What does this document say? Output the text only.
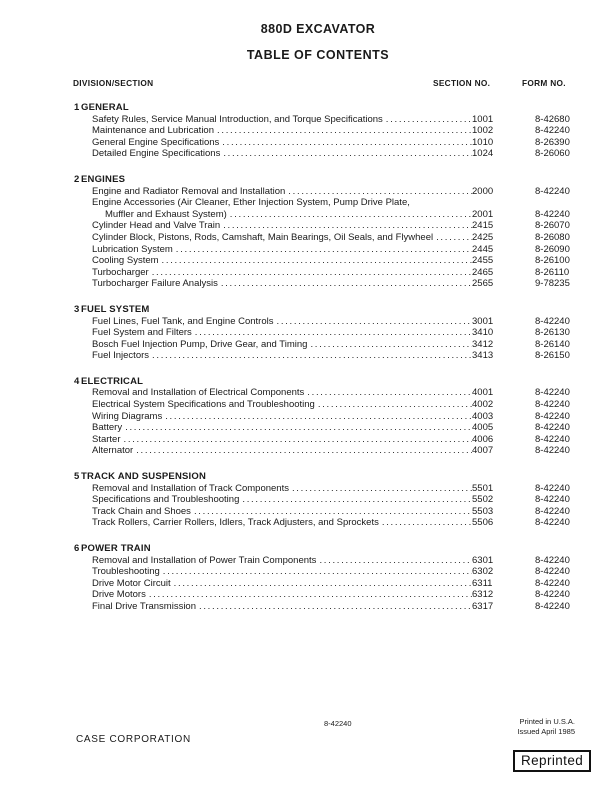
880D EXCAVATOR
TABLE OF CONTENTS
DIVISION/SECTION	SECTION NO.	FORM NO.
1 GENERAL
Safety Rules, Service Manual Introduction, and Torque Specifications .....	1001	8-42680
Maintenance and Lubrication .....	1002	8-42240
General Engine Specifications .....	1010	8-26390
Detailed Engine Specifications .....	1024	8-26060
2 ENGINES
Engine and Radiator Removal and Installation .....	2000	8-42240
Engine Accessories (Air Cleaner, Ether Injection System, Pump Drive Plate,
Muffler and Exhaust System) .....	2001	8-42240
Cylinder Head and Valve Train .....	2415	8-26070
Cylinder Block, Pistons, Rods, Camshaft, Main Bearings, Oil Seals, and Flywheel .....	2425	8-26080
Lubrication System .....	2445	8-26090
Cooling System .....	2455	8-26100
Turbocharger .....	2465	8-26110
Turbocharger Failure Analysis .....	2565	9-78235
3 FUEL SYSTEM
Fuel Lines, Fuel Tank, and Engine Controls .....	3001	8-42240
Fuel System and Filters .....	3410	8-26130
Bosch Fuel Injection Pump, Drive Gear, and Timing .....	3412	8-26140
Fuel Injectors .....	3413	8-26150
4 ELECTRICAL
Removal and Installation of Electrical Components .....	4001	8-42240
Electrical System Specifications and Troubleshooting .....	4002	8-42240
Wiring Diagrams .....	4003	8-42240
Battery .....	4005	8-42240
Starter .....	4006	8-42240
Alternator .....	4007	8-42240
5 TRACK AND SUSPENSION
Removal and Installation of Track Components .....	5501	8-42240
Specifications and Troubleshooting .....	5502	8-42240
Track Chain and Shoes .....	5503	8-42240
Track Rollers, Carrier Rollers, Idlers, Track Adjusters, and Sprockets .....	5506	8-42240
6 POWER TRAIN
Removal and Installation of Power Train Components .....	6301	8-42240
Troubleshooting .....	6302	8-42240
Drive Motor Circuit .....	6311	8-42240
Drive Motors .....	6312	8-42240
Final Drive Transmission .....	6317	8-42240
8-42240	Printed in U.S.A.
Issued April 1985
CASE CORPORATION
Reprinted
